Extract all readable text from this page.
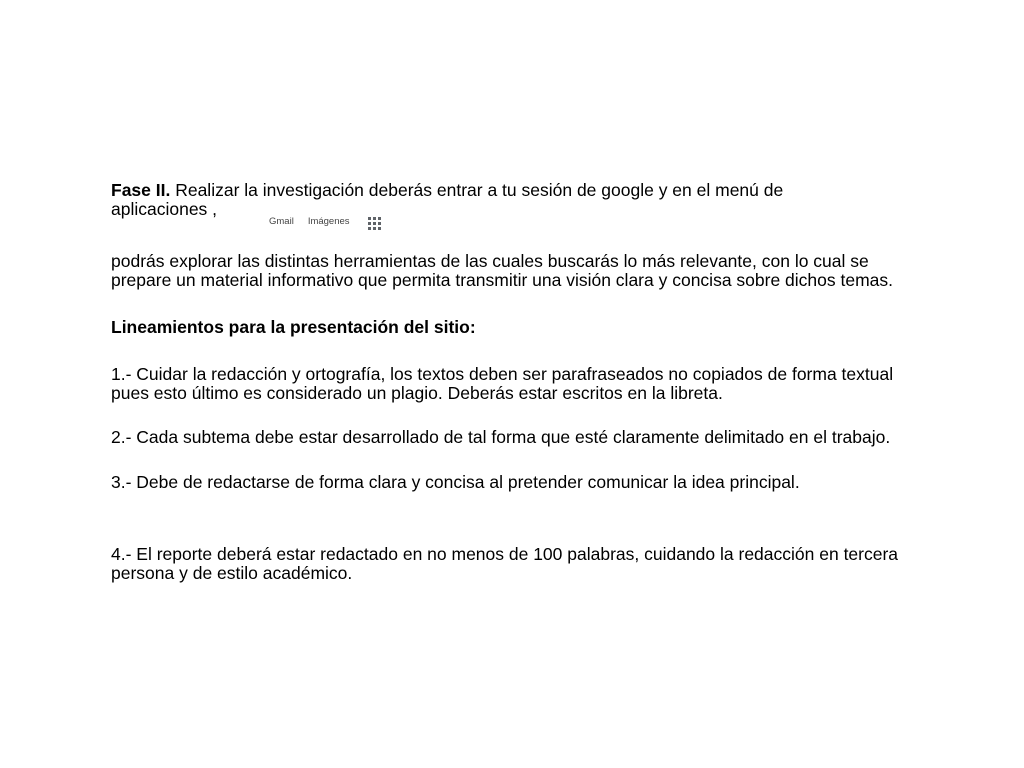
Fase II. Realizar la investigación deberás entrar a tu sesión de google y en el menú de

aplicaciones ,
Gmail Imágenes

podrás explorar las distintas herramientas de las cuales buscarás lo más relevante, con lo cual se prepare un material informativo que permita transmitir una visión clara y concisa sobre dichos temas.

Lineamientos para la presentación del sitio:

1.- Cuidar la redacción y ortografía, los textos deben ser parafraseados no copiados de forma textual pues esto último es considerado un plagio. Deberás estar escritos en la libreta.

2.- Cada subtema debe estar desarrollado de tal forma que esté claramente delimitado en el trabajo.

3.- Debe de redactarse de forma clara y concisa al pretender comunicar la idea principal.

4.- El reporte deberá estar redactado en no menos de 100 palabras, cuidando la redacción en tercera persona y de estilo académico.
